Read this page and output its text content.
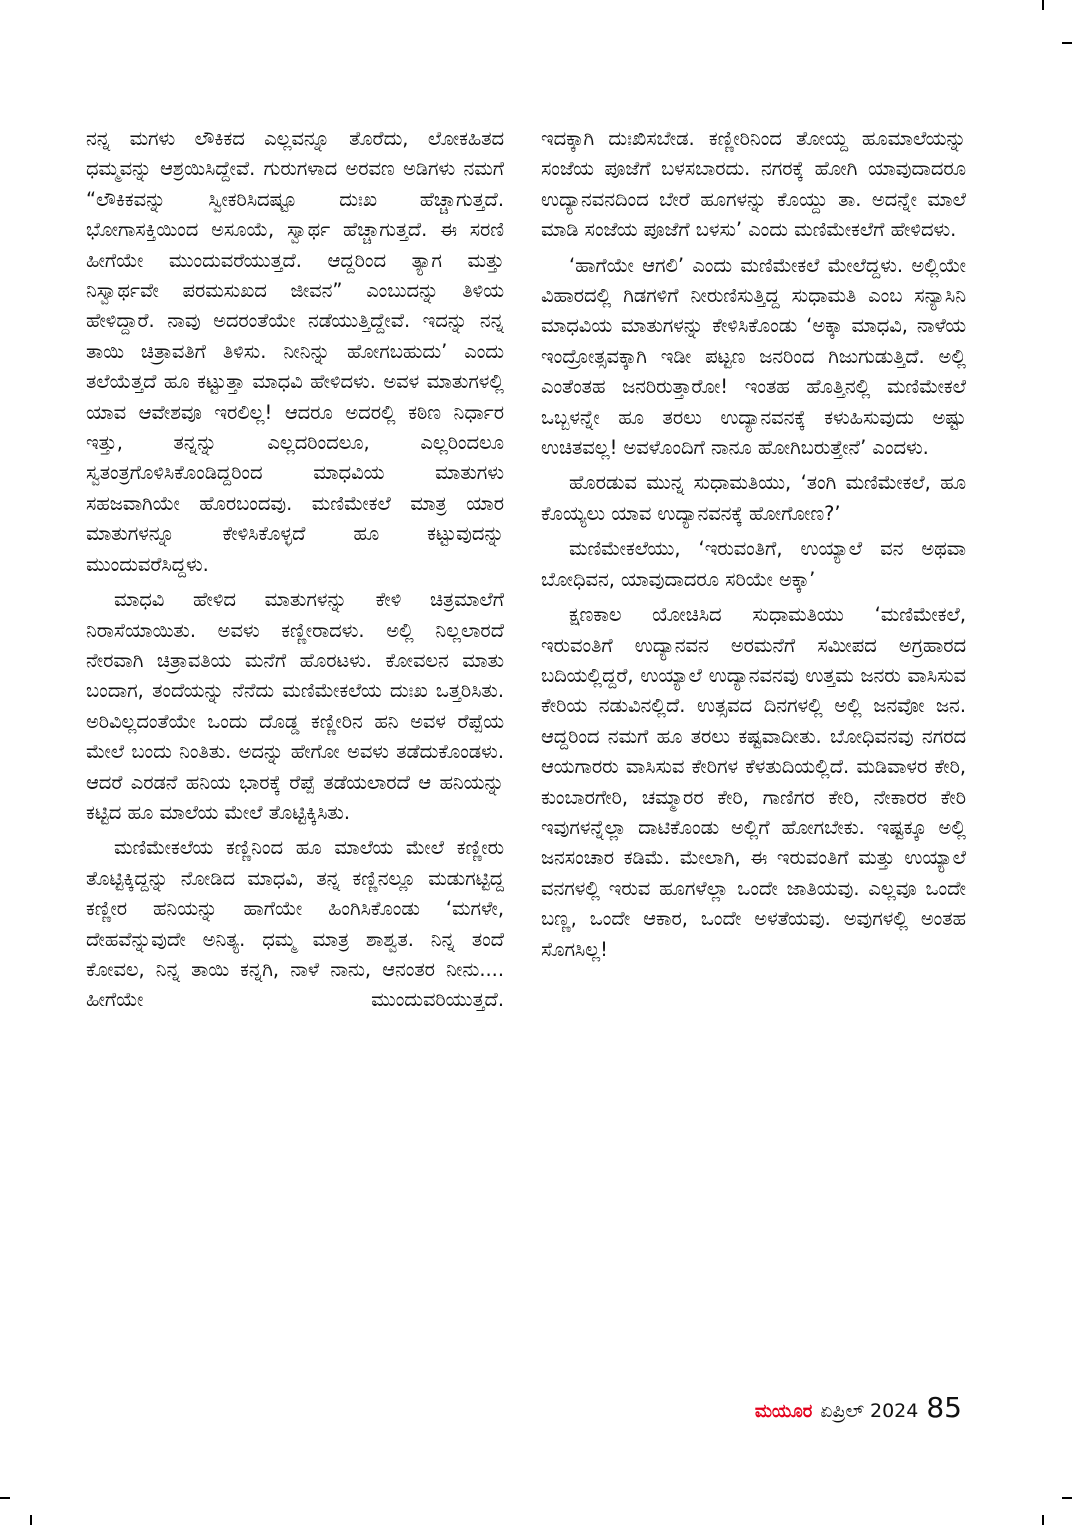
ನನ್ನ ಮಗಳು ಲೌಕಿಕದ ಎಲ್ಲವನ್ನೂ ತೊರೆದು, ಲೋಕಹಿತದ ಧಮ್ಮವನ್ನು ಆಶ್ರಯಿಸಿದ್ದೇವೆ. ಗುರುಗಳಾದ ಅರವಣ ಅಡಿಗಳು ನಮಗೆ “ಲೌಕಿಕವನ್ನು ಸ್ವೀಕರಿಸಿದಷ್ಟೂ ದುಃಖ ಹೆಚ್ಚಾಗುತ್ತದೆ. ಭೋಗಾಸಕ್ತಿಯಿಂದ ಅಸೂಯೆ, ಸ್ವಾರ್ಥ ಹೆಚ್ಚಾಗುತ್ತದೆ. ಈ ಸರಣಿ ಹೀಗೆಯೇ ಮುಂದುವರೆಯುತ್ತದೆ. ಆದ್ದರಿಂದ ತ್ಯಾಗ ಮತ್ತು ನಿಸ್ವಾರ್ಥವೇ ಪರಮಸುಖದ ಜೀವನ” ಎಂಬುದನ್ನು ತಿಳಿಯ ಹೇಳಿದ್ದಾರೆ. ನಾವು ಅದರಂತೆಯೇ ನಡೆಯುತ್ತಿದ್ದೇವೆ. ಇದನ್ನು ನನ್ನ ತಾಯಿ ಚಿತ್ರಾವತಿಗೆ ತಿಳಿಸು. ನೀನಿನ್ನು ಹೋಗಬಹುದು’ ಎಂದು ತಲೆಯೆತ್ತದೆ ಹೂ ಕಟ್ಟುತ್ತಾ ಮಾಧವಿ ಹೇಳಿದಳು. ಅವಳ ಮಾತುಗಳಲ್ಲಿ ಯಾವ ಆವೇಶವೂ ಇರಲಿಲ್ಲ! ಆದರೂ ಅದರಲ್ಲಿ ಕಠಿಣ ನಿರ್ಧಾರ ಇತ್ತು, ತನ್ನನ್ನು ಎಲ್ಲದರಿಂದಲೂ, ಎಲ್ಲರಿಂದಲೂ ಸ್ವತಂತ್ರಗೊಳಿಸಿಕೊಂಡಿದ್ದರಿಂದ ಮಾಧವಿಯ ಮಾತುಗಳು ಸಹಜವಾಗಿಯೇ ಹೊರಬಂದವು. ಮಣಿಮೇಕಲೆ ಮಾತ್ರ ಯಾರ ಮಾತುಗಳನ್ನೂ ಕೇಳಿಸಿಕೊಳ್ಳದೆ ಹೂ ಕಟ್ಟುವುದನ್ನು ಮುಂದುವರೆಸಿದ್ದಳು.

ಮಾಧವಿ ಹೇಳಿದ ಮಾತುಗಳನ್ನು ಕೇಳಿ ಚಿತ್ರಮಾಲೆಗೆ ನಿರಾಸೆಯಾಯಿತು. ಅವಳು ಕಣ್ಣೀರಾದಳು. ಅಲ್ಲಿ ನಿಲ್ಲಲಾರದೆ ನೇರವಾಗಿ ಚಿತ್ರಾವತಿಯ ಮನೆಗೆ ಹೊರಟಳು. ಕೋವಲನ ಮಾತು ಬಂದಾಗ, ತಂದೆಯನ್ನು ನೆನೆದು ಮಣಿಮೇಕಲೆಯ ದುಃಖ ಒತ್ತರಿಸಿತು. ಅರಿವಿಲ್ಲದಂತೆಯೇ ಒಂದು ದೊಡ್ಡ ಕಣ್ಣೀರಿನ ಹನಿ ಅವಳ ರೆಪ್ಪೆಯ ಮೇಲೆ ಬಂದು ನಿಂತಿತು. ಅದನ್ನು ಹೇಗೋ ಅವಳು ತಡೆದುಕೊಂಡಳು. ಆದರೆ ಎರಡನೆ ಹನಿಯ ಭಾರಕ್ಕೆ ರೆಪ್ಪೆ ತಡೆಯಲಾರದೆ ಆ ಹನಿಯನ್ನು ಕಟ್ಟಿದ ಹೂ ಮಾಲೆಯ ಮೇಲೆ ತೊಟ್ಟಿಕ್ಕಿಸಿತು.

ಮಣಿಮೇಕಲೆಯ ಕಣ್ಣಿನಿಂದ ಹೂ ಮಾಲೆಯ ಮೇಲೆ ಕಣ್ಣೀರು ತೊಟ್ಟಿಕ್ಕಿದ್ದನ್ನು ನೋಡಿದ ಮಾಧವಿ, ತನ್ನ ಕಣ್ಣಿನಲ್ಲೂ ಮಡುಗಟ್ಟಿದ್ದ ಕಣ್ಣೀರ ಹನಿಯನ್ನು ಹಾಗೆಯೇ ಹಿಂಗಿಸಿಕೊಂಡು ‘ಮಗಳೇ, ದೇಹವೆನ್ನುವುದೇ ಅನಿತ್ಯ. ಧಮ್ಮ ಮಾತ್ರ ಶಾಶ್ವತ. ನಿನ್ನ ತಂದೆ ಕೋವಲ, ನಿನ್ನ ತಾಯಿ ಕನ್ನಗಿ, ನಾಳೆ ನಾನು, ಆನಂತರ ನೀನು.... ಹೀಗೆಯೇ ಮುಂದುವರಿಯುತ್ತದೆ.

ಇದಕ್ಕಾಗಿ ದುಃಖಿಸಬೇಡ. ಕಣ್ಣೀರಿನಿಂದ ತೋಯ್ದ ಹೂಮಾಲೆಯನ್ನು ಸಂಜೆಯ ಪೂಜೆಗೆ ಬಳಸಬಾರದು. ನಗರಕ್ಕೆ ಹೋಗಿ ಯಾವುದಾದರೂ ಉದ್ಯಾನವನದಿಂದ ಬೇರೆ ಹೂಗಳನ್ನು ಕೊಯ್ದು ತಾ. ಅದನ್ನೇ ಮಾಲೆ ಮಾಡಿ ಸಂಜೆಯ ಪೂಜೆಗೆ ಬಳಸು’ ಎಂದು ಮಣಿಮೇಕಲೆಗೆ ಹೇಳಿದಳು.

‘ಹಾಗೆಯೇ ಆಗಲಿ’ ಎಂದು ಮಣಿಮೇಕಲೆ ಮೇಲೆದ್ದಳು. ಅಲ್ಲಿಯೇ ವಿಹಾರದಲ್ಲಿ ಗಿಡಗಳಿಗೆ ನೀರುಣಿಸುತ್ತಿದ್ದ ಸುಧಾಮತಿ ಎಂಬ ಸನ್ಯಾಸಿನಿ ಮಾಧವಿಯ ಮಾತುಗಳನ್ನು ಕೇಳಿಸಿಕೊಂಡು ‘ಅಕ್ಕಾ ಮಾಧವಿ, ನಾಳೆಯ ಇಂದ್ರೋತ್ಸವಕ್ಕಾಗಿ ಇಡೀ ಪಟ್ಟಣ ಜನರಿಂದ ಗಿಜುಗುಡುತ್ತಿದೆ. ಅಲ್ಲಿ ಎಂತೆಂತಹ ಜನರಿರುತ್ತಾರೋ! ಇಂತಹ ಹೊತ್ತಿನಲ್ಲಿ ಮಣಿಮೇಕಲೆ ಒಬ್ಬಳನ್ನೇ ಹೂ ತರಲು ಉದ್ಯಾನವನಕ್ಕೆ ಕಳುಹಿಸುವುದು ಅಷ್ಟು ಉಚಿತವಲ್ಲ! ಅವಳೊಂದಿಗೆ ನಾನೂ ಹೋಗಿಬರುತ್ತೇನೆ’ ಎಂದಳು.

ಹೊರಡುವ ಮುನ್ನ ಸುಧಾಮತಿಯು, ‘ತಂಗಿ ಮಣಿಮೇಕಲೆ, ಹೂ ಕೊಯ್ಯಲು ಯಾವ ಉದ್ಯಾನವನಕ್ಕೆ ಹೋಗೋಣ?’

ಮಣಿಮೇಕಲೆಯು, ‘ಇರುವಂತಿಗೆ, ಉಯ್ಯಾಲೆ ವನ ಅಥವಾ ಬೋಧಿವನ, ಯಾವುದಾದರೂ ಸರಿಯೇ ಅಕ್ಕಾ’

ಕ್ಷಣಕಾಲ ಯೋಚಿಸಿದ ಸುಧಾಮತಿಯು ‘ಮಣಿಮೇಕಲೆ, ಇರುವಂತಿಗೆ ಉದ್ಯಾನವನ ಅರಮನೆಗೆ ಸಮೀಪದ ಅಗ್ರಹಾರದ ಬದಿಯಲ್ಲಿದ್ದರೆ, ಉಯ್ಯಾಲೆ ಉದ್ಯಾನವನವು ಉತ್ತಮ ಜನರು ವಾಸಿಸುವ ಕೇರಿಯ ನಡುವಿನಲ್ಲಿದೆ. ಉತ್ಸವದ ದಿನಗಳಲ್ಲಿ ಅಲ್ಲಿ ಜನವೋ ಜನ. ಆದ್ದರಿಂದ ನಮಗೆ ಹೂ ತರಲು ಕಷ್ಟವಾದೀತು. ಬೋಧಿವನವು ನಗರದ ಆಯಗಾರರು ವಾಸಿಸುವ ಕೇರಿಗಳ ಕೆಳತುದಿಯಲ್ಲಿದೆ. ಮಡಿವಾಳರ ಕೇರಿ, ಕುಂಬಾರಗೇರಿ, ಚಮ್ಮಾರರ ಕೇರಿ, ಗಾಣಿಗರ ಕೇರಿ, ನೇಕಾರರ ಕೇರಿ ಇವುಗಳನ್ನೆಲ್ಲಾ ದಾಟಿಕೊಂಡು ಅಲ್ಲಿಗೆ ಹೋಗಬೇಕು. ಇಷ್ಟಕ್ಕೂ ಅಲ್ಲಿ ಜನಸಂಚಾರ ಕಡಿಮೆ. ಮೇಲಾಗಿ, ಈ ಇರುವಂತಿಗೆ ಮತ್ತು ಉಯ್ಯಾಲೆ ವನಗಳಲ್ಲಿ ಇರುವ ಹೂಗಳೆಲ್ಲಾ ಒಂದೇ ಜಾತಿಯವು. ಎಲ್ಲವೂ ಒಂದೇ ಬಣ್ಣ, ಒಂದೇ ಆಕಾರ, ಒಂದೇ ಅಳತೆಯವು. ಅವುಗಳಲ್ಲಿ ಅಂತಹ ಸೊಗಸಿಲ್ಲ!

ಮಯೂರ ಏಪ್ರಿಲ್ 2024 85
